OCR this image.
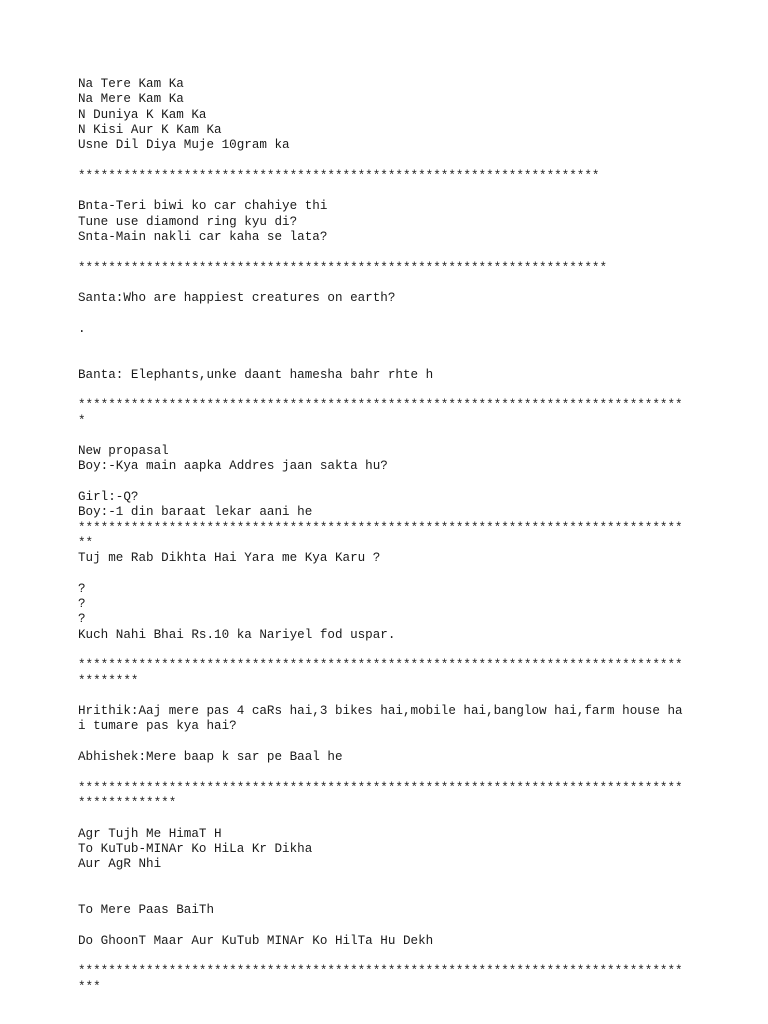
Na Tere Kam Ka
Na Mere Kam Ka
N Duniya K Kam Ka
N Kisi Aur K Kam Ka
Usne Dil Diya Muje 10gram ka
*********************************************************************
Bnta-Teri biwi ko car chahiye thi
Tune use diamond ring kyu di?
Snta-Main nakli car kaha se lata?
**********************************************************************
Santa:Who are happiest creatures on earth?
.
Banta: Elephants,unke daant hamesha bahr rhte h
********************************************************************************
*
New propasal
Boy:-Kya main aapka Addres jaan sakta hu?
Girl:-Q?
Boy:-1 din baraat lekar aani he
********************************************************************************
**
Tuj me Rab Dikhta Hai Yara me Kya Karu ?
?
?
?
Kuch Nahi Bhai Rs.10 ka Nariyel fod uspar.
********************************************************************************
********
Hrithik:Aaj mere pas 4 caRs hai,3 bikes hai,mobile hai,banglow hai,farm house ha
i tumare pas kya hai?
Abhishek:Mere baap k sar pe Baal he
********************************************************************************
*************
Agr Tujh Me HimaT H
To KuTub-MINAr Ko HiLa Kr Dikha
Aur AgR Nhi
To Mere Paas BaiTh
Do GhoonT Maar Aur KuTub MINAr Ko HilTa Hu Dekh
********************************************************************************
***
